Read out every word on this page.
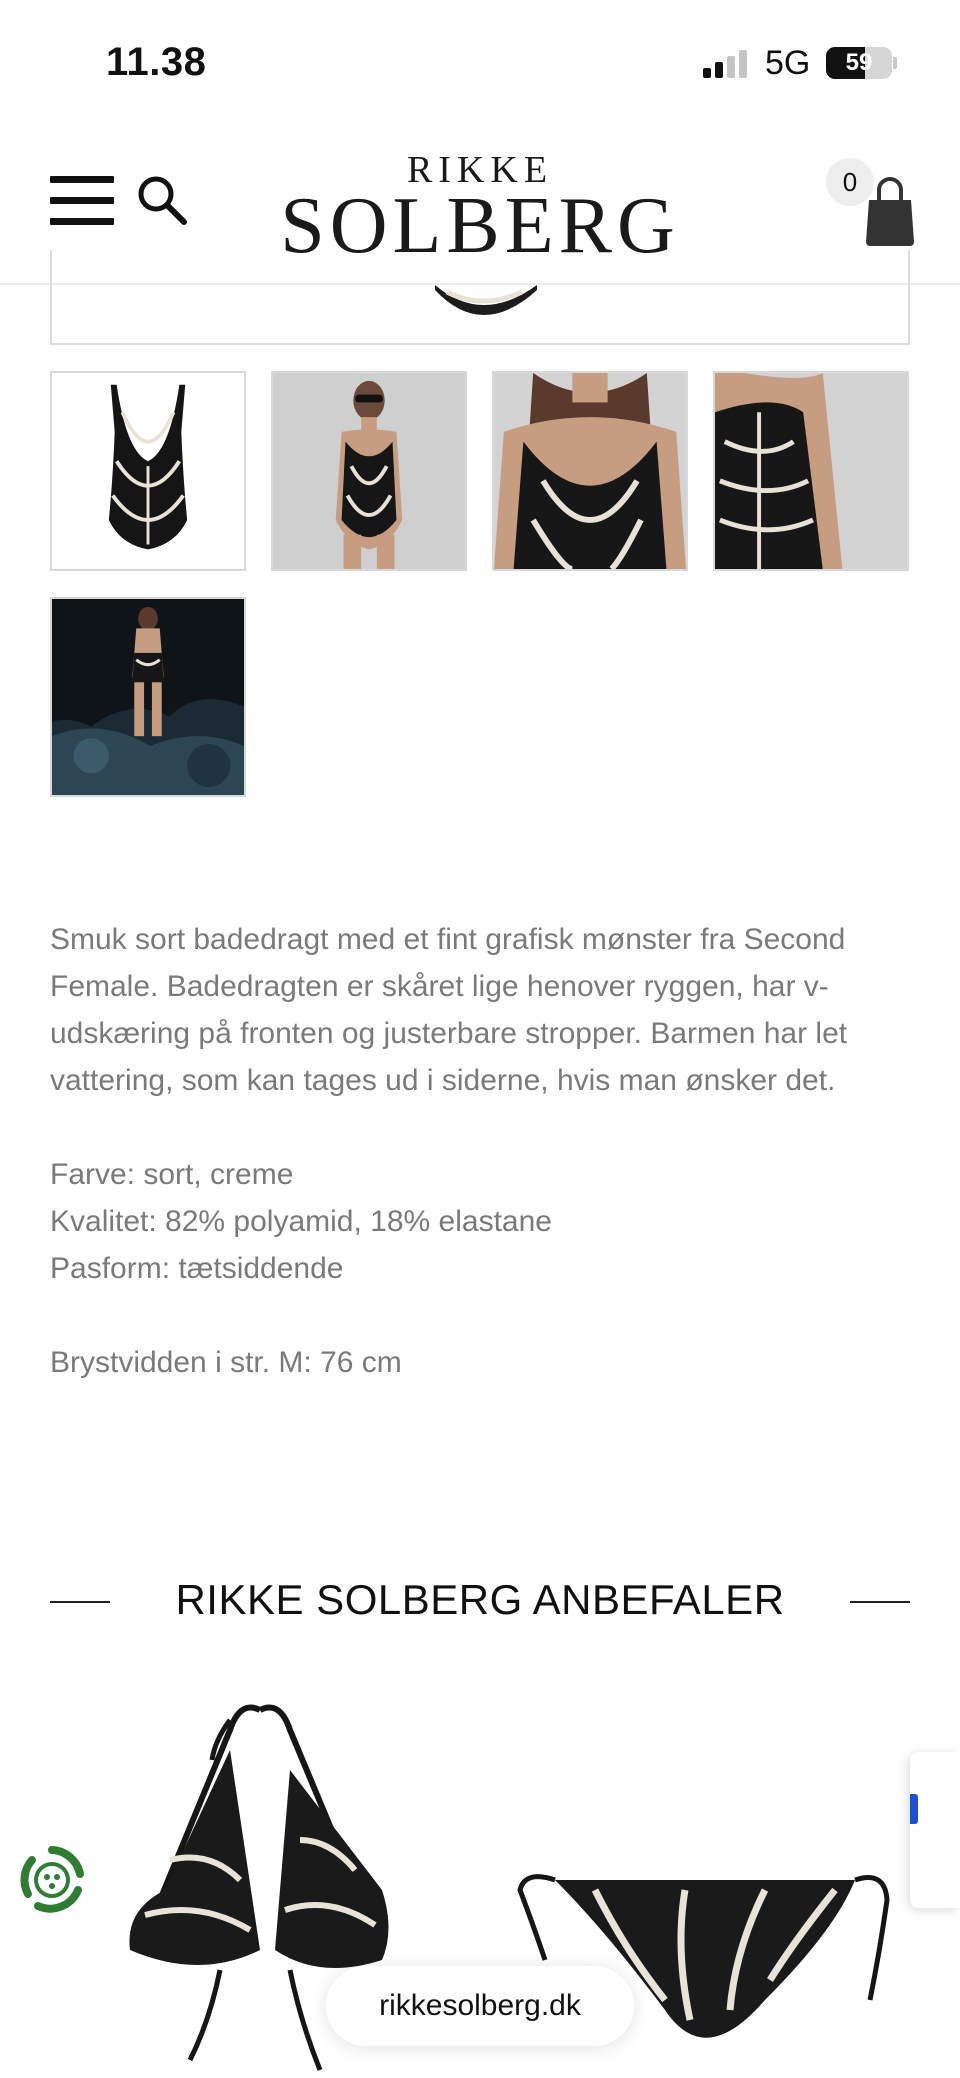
11.38	5G	59
RIKKE
SOLBERG	0

Smuk sort badedragt med et fint grafisk mønster fra Second Female. Badedragten er skåret lige henover ryggen, har v-udskæring på fronten og justerbare stropper. Barmen har let vattering, som kan tages ud i siderne, hvis man ønsker det.

Farve: sort, creme
Kvalitet: 82% polyamid, 18% elastane
Pasform: tætsiddende
Brystvidden i str. M: 76 cm
RIKKE SOLBERG ANBEFALER
rikkesolberg.dk
